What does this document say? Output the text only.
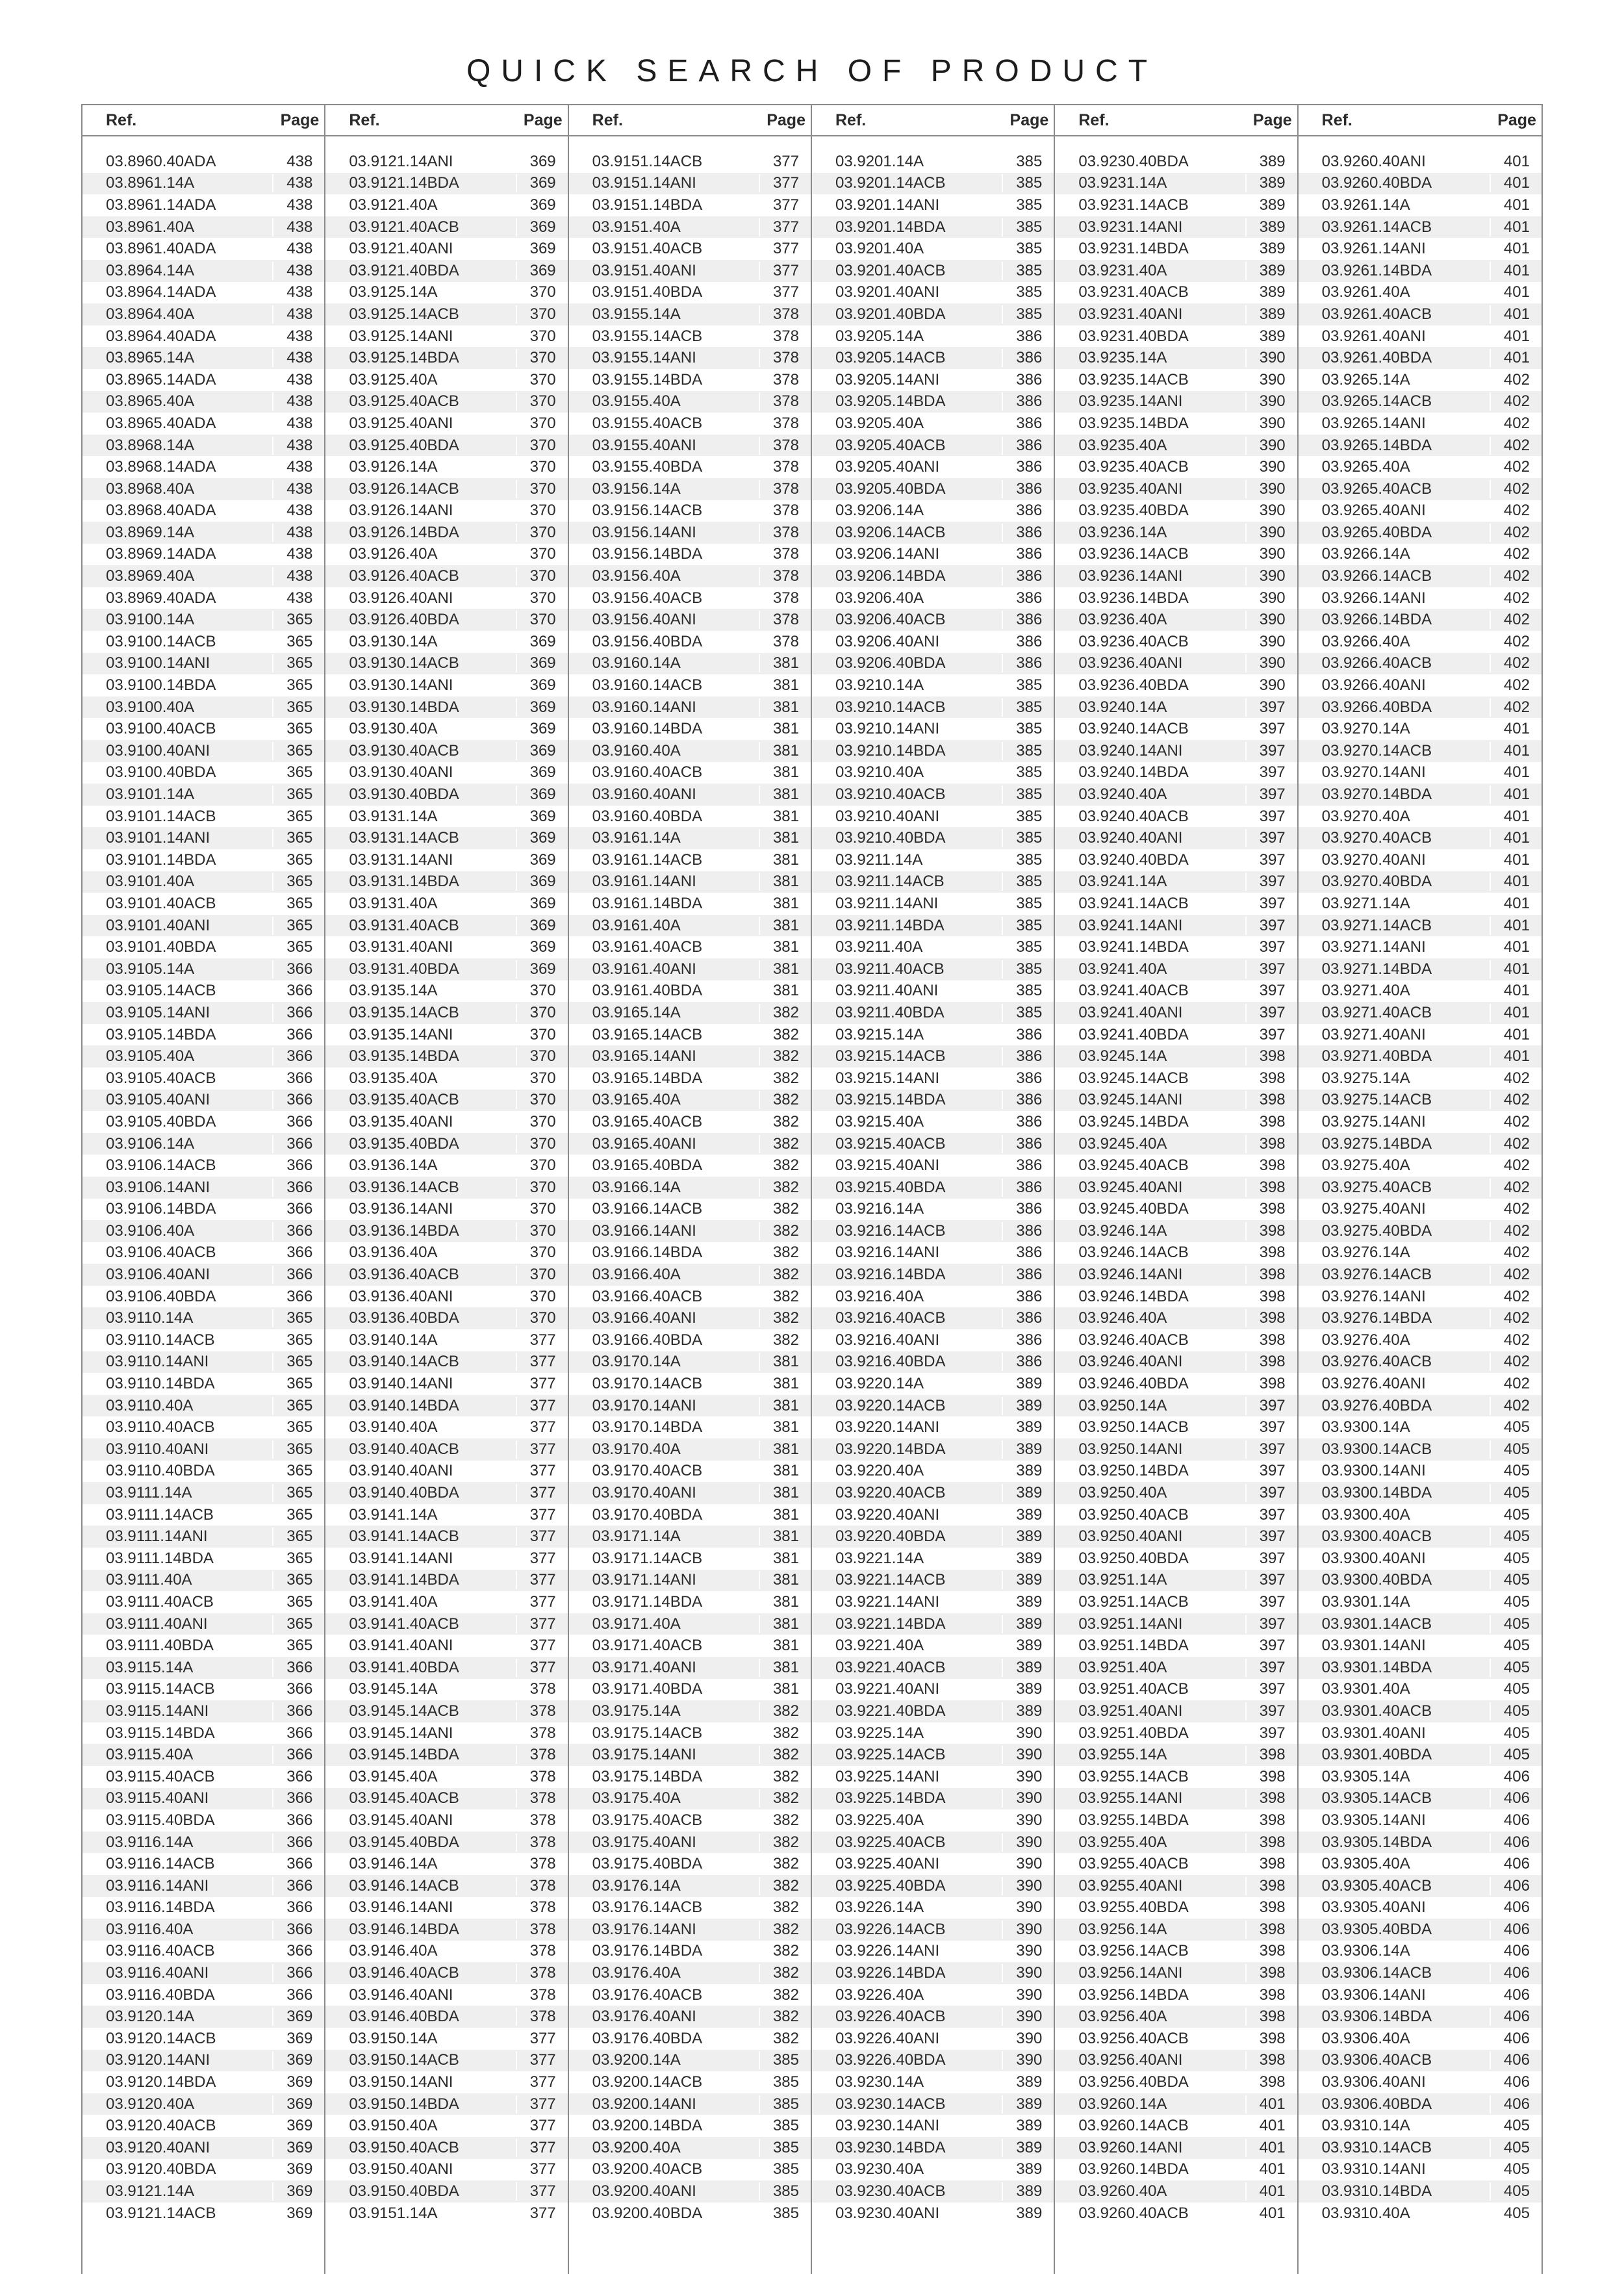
QUICK SEARCH OF PRODUCT
Ref.	Page
03.8960.40ADA	438
03.8961.14A	438
03.8961.14ADA	438
03.8961.40A	438
03.8961.40ADA	438
03.8964.14A	438
03.8964.14ADA	438
03.8964.40A	438
03.8964.40ADA	438
03.8965.14A	438
03.8965.14ADA	438
03.8965.40A	438
03.8965.40ADA	438
03.8968.14A	438
03.8968.14ADA	438
03.8968.40A	438
03.8968.40ADA	438
03.8969.14A	438
03.8969.14ADA	438
03.8969.40A	438
03.8969.40ADA	438
03.9100.14A	365
03.9100.14ACB	365
03.9100.14ANI	365
03.9100.14BDA	365
03.9100.40A	365
03.9100.40ACB	365
03.9100.40ANI	365
03.9100.40BDA	365
03.9101.14A	365
03.9101.14ACB	365
03.9101.14ANI	365
03.9101.14BDA	365
03.9101.40A	365
03.9101.40ACB	365
03.9101.40ANI	365
03.9101.40BDA	365
03.9105.14A	366
03.9105.14ACB	366
03.9105.14ANI	366
03.9105.14BDA	366
03.9105.40A	366
03.9105.40ACB	366
03.9105.40ANI	366
03.9105.40BDA	366
03.9106.14A	366
03.9106.14ACB	366
03.9106.14ANI	366
03.9106.14BDA	366
03.9106.40A	366
03.9106.40ACB	366
03.9106.40ANI	366
03.9106.40BDA	366
03.9110.14A	365
03.9110.14ACB	365
03.9110.14ANI	365
03.9110.14BDA	365
03.9110.40A	365
03.9110.40ACB	365
03.9110.40ANI	365
03.9110.40BDA	365
03.9111.14A	365
03.9111.14ACB	365
03.9111.14ANI	365
03.9111.14BDA	365
03.9111.40A	365
03.9111.40ACB	365
03.9111.40ANI	365
03.9111.40BDA	365
03.9115.14A	366
03.9115.14ACB	366
03.9115.14ANI	366
03.9115.14BDA	366
03.9115.40A	366
03.9115.40ACB	366
03.9115.40ANI	366
03.9115.40BDA	366
03.9116.14A	366
03.9116.14ACB	366
03.9116.14ANI	366
03.9116.14BDA	366
03.9116.40A	366
03.9116.40ACB	366
03.9116.40ANI	366
03.9116.40BDA	366
03.9120.14A	369
03.9120.14ACB	369
03.9120.14ANI	369
03.9120.14BDA	369
03.9120.40A	369
03.9120.40ACB	369
03.9120.40ANI	369
03.9120.40BDA	369
03.9121.14A	369
03.9121.14ACB	369
Ref.	Page
03.9121.14ANI	369
03.9121.14BDA	369
03.9121.40A	369
03.9121.40ACB	369
03.9121.40ANI	369
03.9121.40BDA	369
03.9125.14A	370
03.9125.14ACB	370
03.9125.14ANI	370
03.9125.14BDA	370
03.9125.40A	370
03.9125.40ACB	370
03.9125.40ANI	370
03.9125.40BDA	370
03.9126.14A	370
03.9126.14ACB	370
03.9126.14ANI	370
03.9126.14BDA	370
03.9126.40A	370
03.9126.40ACB	370
03.9126.40ANI	370
03.9126.40BDA	370
03.9130.14A	369
03.9130.14ACB	369
03.9130.14ANI	369
03.9130.14BDA	369
03.9130.40A	369
03.9130.40ACB	369
03.9130.40ANI	369
03.9130.40BDA	369
03.9131.14A	369
03.9131.14ACB	369
03.9131.14ANI	369
03.9131.14BDA	369
03.9131.40A	369
03.9131.40ACB	369
03.9131.40ANI	369
03.9131.40BDA	369
03.9135.14A	370
03.9135.14ACB	370
03.9135.14ANI	370
03.9135.14BDA	370
03.9135.40A	370
03.9135.40ACB	370
03.9135.40ANI	370
03.9135.40BDA	370
03.9136.14A	370
03.9136.14ACB	370
03.9136.14ANI	370
03.9136.14BDA	370
03.9136.40A	370
03.9136.40ACB	370
03.9136.40ANI	370
03.9136.40BDA	370
03.9140.14A	377
03.9140.14ACB	377
03.9140.14ANI	377
03.9140.14BDA	377
03.9140.40A	377
03.9140.40ACB	377
03.9140.40ANI	377
03.9140.40BDA	377
03.9141.14A	377
03.9141.14ACB	377
03.9141.14ANI	377
03.9141.14BDA	377
03.9141.40A	377
03.9141.40ACB	377
03.9141.40ANI	377
03.9141.40BDA	377
03.9145.14A	378
03.9145.14ACB	378
03.9145.14ANI	378
03.9145.14BDA	378
03.9145.40A	378
03.9145.40ACB	378
03.9145.40ANI	378
03.9145.40BDA	378
03.9146.14A	378
03.9146.14ACB	378
03.9146.14ANI	378
03.9146.14BDA	378
03.9146.40A	378
03.9146.40ACB	378
03.9146.40ANI	378
03.9146.40BDA	378
03.9150.14A	377
03.9150.14ACB	377
03.9150.14ANI	377
03.9150.14BDA	377
03.9150.40A	377
03.9150.40ACB	377
03.9150.40ANI	377
03.9150.40BDA	377
03.9151.14A	377
Ref.	Page
03.9151.14ACB	377
03.9151.14ANI	377
03.9151.14BDA	377
03.9151.40A	377
03.9151.40ACB	377
03.9151.40ANI	377
03.9151.40BDA	377
03.9155.14A	378
03.9155.14ACB	378
03.9155.14ANI	378
03.9155.14BDA	378
03.9155.40A	378
03.9155.40ACB	378
03.9155.40ANI	378
03.9155.40BDA	378
03.9156.14A	378
03.9156.14ACB	378
03.9156.14ANI	378
03.9156.14BDA	378
03.9156.40A	378
03.9156.40ACB	378
03.9156.40ANI	378
03.9156.40BDA	378
03.9160.14A	381
03.9160.14ACB	381
03.9160.14ANI	381
03.9160.14BDA	381
03.9160.40A	381
03.9160.40ACB	381
03.9160.40ANI	381
03.9160.40BDA	381
03.9161.14A	381
03.9161.14ACB	381
03.9161.14ANI	381
03.9161.14BDA	381
03.9161.40A	381
03.9161.40ACB	381
03.9161.40ANI	381
03.9161.40BDA	381
03.9165.14A	382
03.9165.14ACB	382
03.9165.14ANI	382
03.9165.14BDA	382
03.9165.40A	382
03.9165.40ACB	382
03.9165.40ANI	382
03.9165.40BDA	382
03.9166.14A	382
03.9166.14ACB	382
03.9166.14ANI	382
03.9166.14BDA	382
03.9166.40A	382
03.9166.40ACB	382
03.9166.40ANI	382
03.9166.40BDA	382
03.9170.14A	381
03.9170.14ACB	381
03.9170.14ANI	381
03.9170.14BDA	381
03.9170.40A	381
03.9170.40ACB	381
03.9170.40ANI	381
03.9170.40BDA	381
03.9171.14A	381
03.9171.14ACB	381
03.9171.14ANI	381
03.9171.14BDA	381
03.9171.40A	381
03.9171.40ACB	381
03.9171.40ANI	381
03.9171.40BDA	381
03.9175.14A	382
03.9175.14ACB	382
03.9175.14ANI	382
03.9175.14BDA	382
03.9175.40A	382
03.9175.40ACB	382
03.9175.40ANI	382
03.9175.40BDA	382
03.9176.14A	382
03.9176.14ACB	382
03.9176.14ANI	382
03.9176.14BDA	382
03.9176.40A	382
03.9176.40ACB	382
03.9176.40ANI	382
03.9176.40BDA	382
03.9200.14A	385
03.9200.14ACB	385
03.9200.14ANI	385
03.9200.14BDA	385
03.9200.40A	385
03.9200.40ACB	385
03.9200.40ANI	385
03.9200.40BDA	385
Ref.	Page
03.9201.14A	385
03.9201.14ACB	385
03.9201.14ANI	385
03.9201.14BDA	385
03.9201.40A	385
03.9201.40ACB	385
03.9201.40ANI	385
03.9201.40BDA	385
03.9205.14A	386
03.9205.14ACB	386
03.9205.14ANI	386
03.9205.14BDA	386
03.9205.40A	386
03.9205.40ACB	386
03.9205.40ANI	386
03.9205.40BDA	386
03.9206.14A	386
03.9206.14ACB	386
03.9206.14ANI	386
03.9206.14BDA	386
03.9206.40A	386
03.9206.40ACB	386
03.9206.40ANI	386
03.9206.40BDA	386
03.9210.14A	385
03.9210.14ACB	385
03.9210.14ANI	385
03.9210.14BDA	385
03.9210.40A	385
03.9210.40ACB	385
03.9210.40ANI	385
03.9210.40BDA	385
03.9211.14A	385
03.9211.14ACB	385
03.9211.14ANI	385
03.9211.14BDA	385
03.9211.40A	385
03.9211.40ACB	385
03.9211.40ANI	385
03.9211.40BDA	385
03.9215.14A	386
03.9215.14ACB	386
03.9215.14ANI	386
03.9215.14BDA	386
03.9215.40A	386
03.9215.40ACB	386
03.9215.40ANI	386
03.9215.40BDA	386
03.9216.14A	386
03.9216.14ACB	386
03.9216.14ANI	386
03.9216.14BDA	386
03.9216.40A	386
03.9216.40ACB	386
03.9216.40ANI	386
03.9216.40BDA	386
03.9220.14A	389
03.9220.14ACB	389
03.9220.14ANI	389
03.9220.14BDA	389
03.9220.40A	389
03.9220.40ACB	389
03.9220.40ANI	389
03.9220.40BDA	389
03.9221.14A	389
03.9221.14ACB	389
03.9221.14ANI	389
03.9221.14BDA	389
03.9221.40A	389
03.9221.40ACB	389
03.9221.40ANI	389
03.9221.40BDA	389
03.9225.14A	390
03.9225.14ACB	390
03.9225.14ANI	390
03.9225.14BDA	390
03.9225.40A	390
03.9225.40ACB	390
03.9225.40ANI	390
03.9225.40BDA	390
03.9226.14A	390
03.9226.14ACB	390
03.9226.14ANI	390
03.9226.14BDA	390
03.9226.40A	390
03.9226.40ACB	390
03.9226.40ANI	390
03.9226.40BDA	390
03.9230.14A	389
03.9230.14ACB	389
03.9230.14ANI	389
03.9230.14BDA	389
03.9230.40A	389
03.9230.40ACB	389
03.9230.40ANI	389
Ref.	Page
03.9230.40BDA	389
03.9231.14A	389
03.9231.14ACB	389
03.9231.14ANI	389
03.9231.14BDA	389
03.9231.40A	389
03.9231.40ACB	389
03.9231.40ANI	389
03.9231.40BDA	389
03.9235.14A	390
03.9235.14ACB	390
03.9235.14ANI	390
03.9235.14BDA	390
03.9235.40A	390
03.9235.40ACB	390
03.9235.40ANI	390
03.9235.40BDA	390
03.9236.14A	390
03.9236.14ACB	390
03.9236.14ANI	390
03.9236.14BDA	390
03.9236.40A	390
03.9236.40ACB	390
03.9236.40ANI	390
03.9236.40BDA	390
03.9240.14A	397
03.9240.14ACB	397
03.9240.14ANI	397
03.9240.14BDA	397
03.9240.40A	397
03.9240.40ACB	397
03.9240.40ANI	397
03.9240.40BDA	397
03.9241.14A	397
03.9241.14ACB	397
03.9241.14ANI	397
03.9241.14BDA	397
03.9241.40A	397
03.9241.40ACB	397
03.9241.40ANI	397
03.9241.40BDA	397
03.9245.14A	398
03.9245.14ACB	398
03.9245.14ANI	398
03.9245.14BDA	398
03.9245.40A	398
03.9245.40ACB	398
03.9245.40ANI	398
03.9245.40BDA	398
03.9246.14A	398
03.9246.14ACB	398
03.9246.14ANI	398
03.9246.14BDA	398
03.9246.40A	398
03.9246.40ACB	398
03.9246.40ANI	398
03.9246.40BDA	398
03.9250.14A	397
03.9250.14ACB	397
03.9250.14ANI	397
03.9250.14BDA	397
03.9250.40A	397
03.9250.40ACB	397
03.9250.40ANI	397
03.9250.40BDA	397
03.9251.14A	397
03.9251.14ACB	397
03.9251.14ANI	397
03.9251.14BDA	397
03.9251.40A	397
03.9251.40ACB	397
03.9251.40ANI	397
03.9251.40BDA	397
03.9255.14A	398
03.9255.14ACB	398
03.9255.14ANI	398
03.9255.14BDA	398
03.9255.40A	398
03.9255.40ACB	398
03.9255.40ANI	398
03.9255.40BDA	398
03.9256.14A	398
03.9256.14ACB	398
03.9256.14ANI	398
03.9256.14BDA	398
03.9256.40A	398
03.9256.40ACB	398
03.9256.40ANI	398
03.9256.40BDA	398
03.9260.14A	401
03.9260.14ACB	401
03.9260.14ANI	401
03.9260.14BDA	401
03.9260.40A	401
03.9260.40ACB	401
Ref.	Page
03.9260.40ANI	401
03.9260.40BDA	401
03.9261.14A	401
03.9261.14ACB	401
03.9261.14ANI	401
03.9261.14BDA	401
03.9261.40A	401
03.9261.40ACB	401
03.9261.40ANI	401
03.9261.40BDA	401
03.9265.14A	402
03.9265.14ACB	402
03.9265.14ANI	402
03.9265.14BDA	402
03.9265.40A	402
03.9265.40ACB	402
03.9265.40ANI	402
03.9265.40BDA	402
03.9266.14A	402
03.9266.14ACB	402
03.9266.14ANI	402
03.9266.14BDA	402
03.9266.40A	402
03.9266.40ACB	402
03.9266.40ANI	402
03.9266.40BDA	402
03.9270.14A	401
03.9270.14ACB	401
03.9270.14ANI	401
03.9270.14BDA	401
03.9270.40A	401
03.9270.40ACB	401
03.9270.40ANI	401
03.9270.40BDA	401
03.9271.14A	401
03.9271.14ACB	401
03.9271.14ANI	401
03.9271.14BDA	401
03.9271.40A	401
03.9271.40ACB	401
03.9271.40ANI	401
03.9271.40BDA	401
03.9275.14A	402
03.9275.14ACB	402
03.9275.14ANI	402
03.9275.14BDA	402
03.9275.40A	402
03.9275.40ACB	402
03.9275.40ANI	402
03.9275.40BDA	402
03.9276.14A	402
03.9276.14ACB	402
03.9276.14ANI	402
03.9276.14BDA	402
03.9276.40A	402
03.9276.40ACB	402
03.9276.40ANI	402
03.9276.40BDA	402
03.9300.14A	405
03.9300.14ACB	405
03.9300.14ANI	405
03.9300.14BDA	405
03.9300.40A	405
03.9300.40ACB	405
03.9300.40ANI	405
03.9300.40BDA	405
03.9301.14A	405
03.9301.14ACB	405
03.9301.14ANI	405
03.9301.14BDA	405
03.9301.40A	405
03.9301.40ACB	405
03.9301.40ANI	405
03.9301.40BDA	405
03.9305.14A	406
03.9305.14ACB	406
03.9305.14ANI	406
03.9305.14BDA	406
03.9305.40A	406
03.9305.40ACB	406
03.9305.40ANI	406
03.9305.40BDA	406
03.9306.14A	406
03.9306.14ACB	406
03.9306.14ANI	406
03.9306.14BDA	406
03.9306.40A	406
03.9306.40ACB	406
03.9306.40ANI	406
03.9306.40BDA	406
03.9310.14A	405
03.9310.14ACB	405
03.9310.14ANI	405
03.9310.14BDA	405
03.9310.40A	405
